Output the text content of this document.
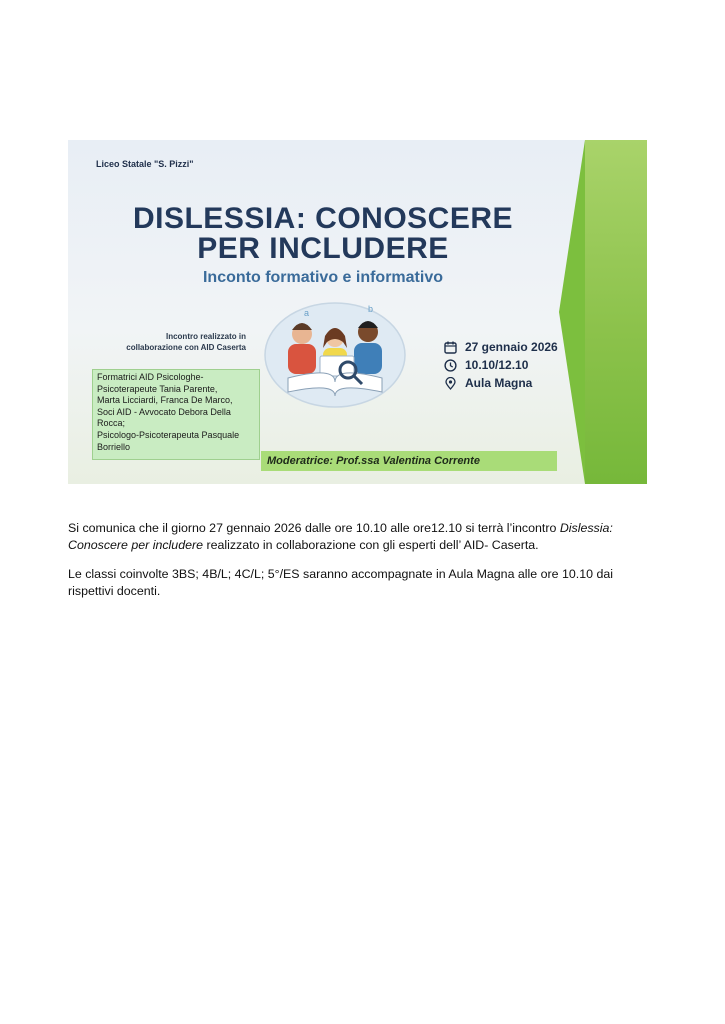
Liceo Statale "S. Pizzi"
DISLESSIA: CONOSCERE
PER INCLUDERE
Inconto formativo e informativo
Incontro realizzato in
collaborazione con AID Caserta
a	b
27 gennaio 2026
10.10/12.10
Aula Magna
Formatrici AID Psicologhe-
Psicoterapeute Tania Parente,
Marta Licciardi, Franca De Marco,
Soci AID - Avvocato Debora Della
Rocca;
Psicologo-Psicoterapeuta Pasquale
Borriello
Moderatrice: Prof.ssa Valentina Corrente

Si comunica che il giorno 27 gennaio 2026 dalle ore 10.10 alle ore12.10 si terrà l’incontro Dislessia: Conoscere per includere realizzato in collaborazione con gli esperti dell’ AID- Caserta.

Le classi coinvolte 3BS; 4B/L; 4C/L; 5°/ES saranno accompagnate in Aula Magna alle ore 10.10 dai rispettivi docenti.
